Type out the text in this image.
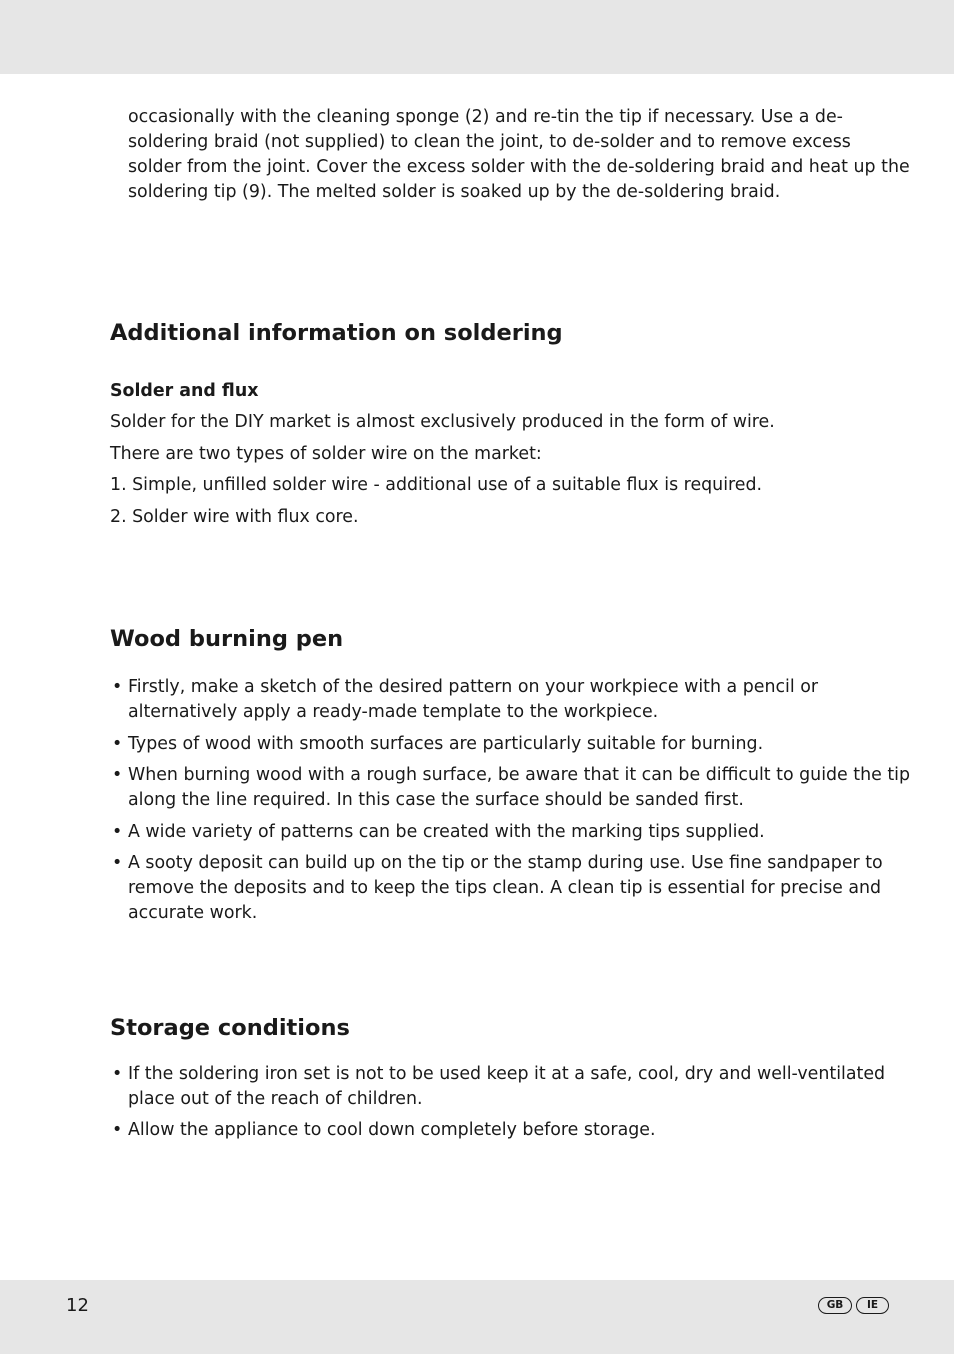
occasionally with the cleaning sponge (2) and re-tin the tip if necessary. Use a de-
soldering braid (not supplied) to clean the joint, to de-solder and to remove excess
solder from the joint. Cover the excess solder with the de-soldering braid and heat up the
soldering tip (9). The melted solder is soaked up by the de-soldering braid.
Additional information on soldering
Solder and flux
Solder for the DIY market is almost exclusively produced in the form of wire.
There are two types of solder wire on the market:
1. Simple, unfilled solder wire - additional use of a suitable flux is required.
2. Solder wire with flux core.
Wood burning pen
• Firstly, make a sketch of the desired pattern on your workpiece with a pencil or
alternatively apply a ready-made template to the workpiece.
• Types of wood with smooth surfaces are particularly suitable for burning.
• When burning wood with a rough surface, be aware that it can be difficult to guide the tip
along the line required. In this case the surface should be sanded first.
• A wide variety of patterns can be created with the marking tips supplied.
• A sooty deposit can build up on the tip or the stamp during use. Use fine sandpaper to
remove the deposits and to keep the tips clean. A clean tip is essential for precise and
accurate work.
Storage conditions
• If the soldering iron set is not to be used keep it at a safe, cool, dry and well-ventilated
place out of the reach of children.
• Allow the appliance to cool down completely before storage.
12	GB	IE
